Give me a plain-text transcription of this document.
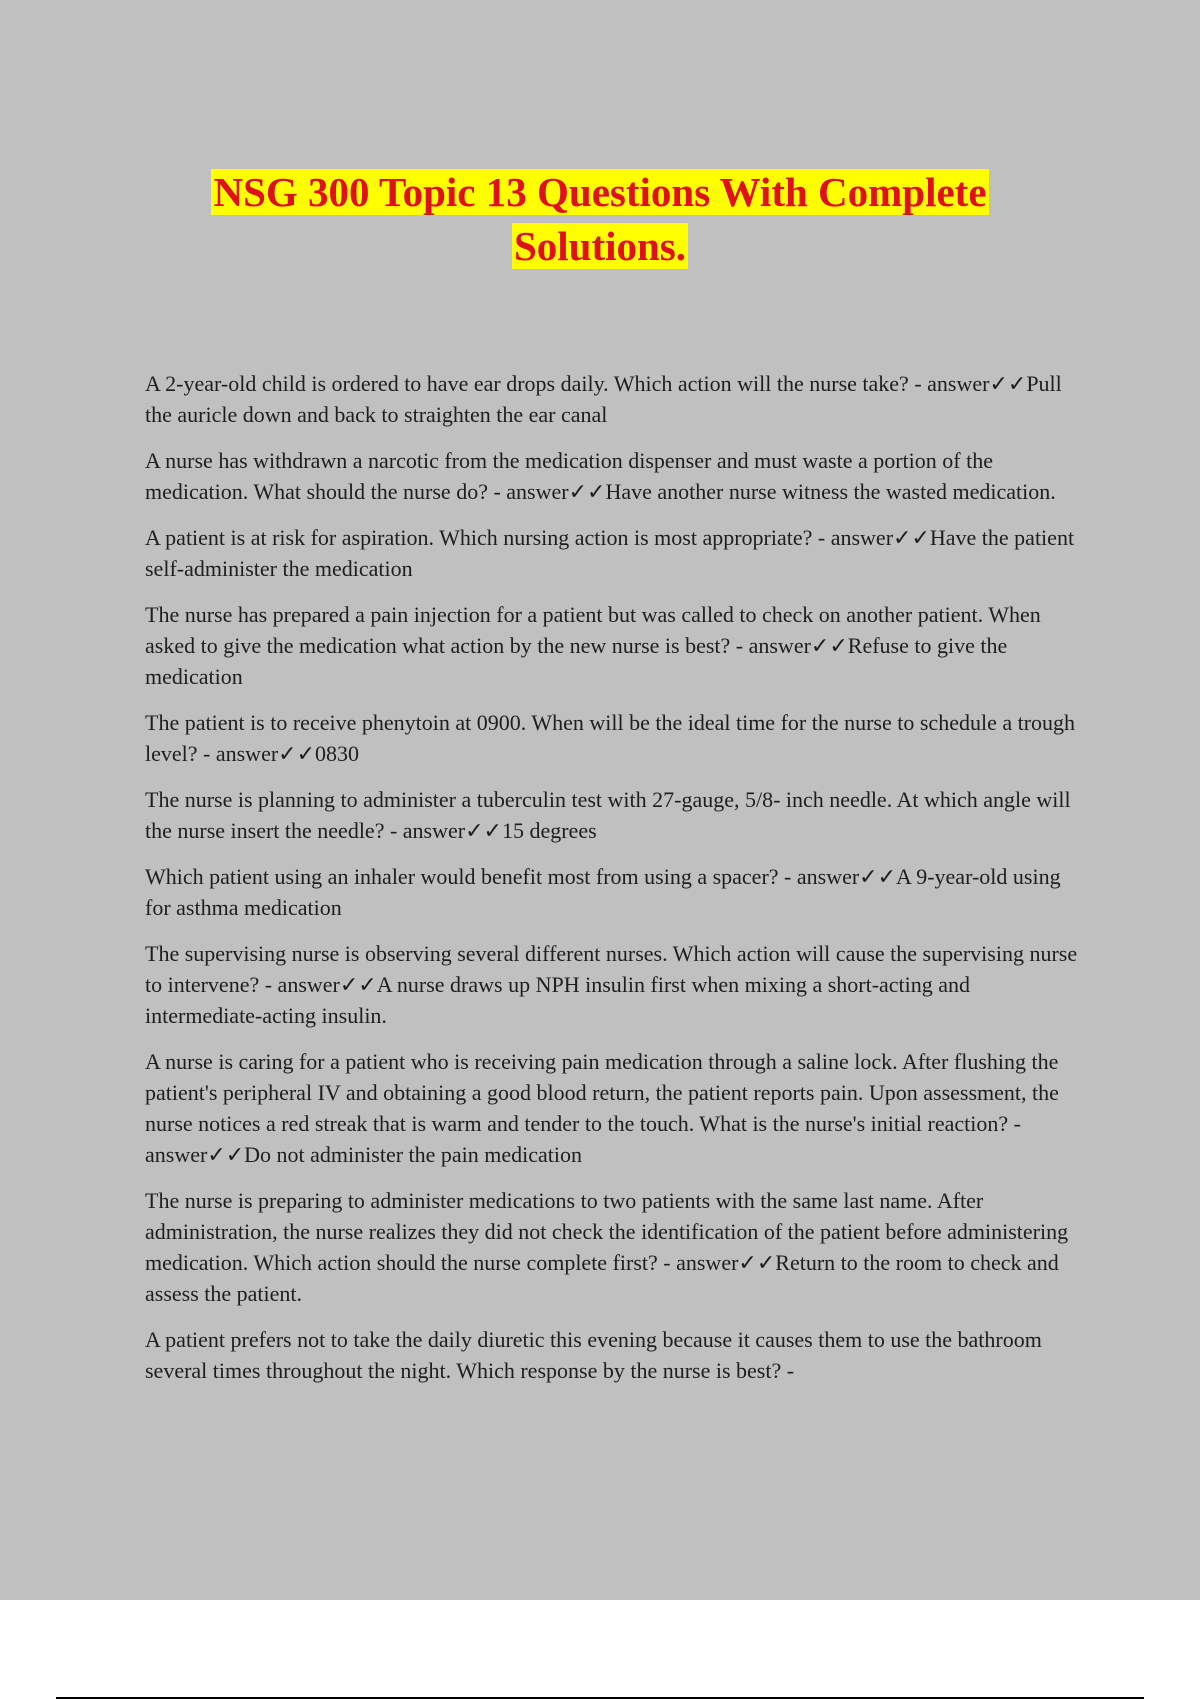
NSG 300 Topic 13 Questions With Complete
Solutions.

A 2-year-old child is ordered to have ear drops daily. Which action will the nurse take? - answer✓✓Pull the auricle down and back to straighten the ear canal

A nurse has withdrawn a narcotic from the medication dispenser and must waste a portion of the medication. What should the nurse do? - answer✓✓Have another nurse witness the wasted medication.

A patient is at risk for aspiration. Which nursing action is most appropriate? - answer✓✓Have the patient self-administer the medication

The nurse has prepared a pain injection for a patient but was called to check on another patient. When asked to give the medication what action by the new nurse is best? - answer✓✓Refuse to give the medication

The patient is to receive phenytoin at 0900. When will be the ideal time for the nurse to schedule a trough level? - answer✓✓0830

The nurse is planning to administer a tuberculin test with 27-gauge, 5/8- inch needle. At which angle will the nurse insert the needle? - answer✓✓15 degrees

Which patient using an inhaler would benefit most from using a spacer? - answer✓✓A 9-year-old using for asthma medication

The supervising nurse is observing several different nurses. Which action will cause the supervising nurse to intervene? - answer✓✓A nurse draws up NPH insulin first when mixing a short-acting and intermediate-acting insulin.

A nurse is caring for a patient who is receiving pain medication through a saline lock. After flushing the patient's peripheral IV and obtaining a good blood return, the patient reports pain. Upon assessment, the nurse notices a red streak that is warm and tender to the touch. What is the nurse's initial reaction? - answer✓✓Do not administer the pain medication

The nurse is preparing to administer medications to two patients with the same last name. After administration, the nurse realizes they did not check the identification of the patient before administering medication. Which action should the nurse complete first? - answer✓✓Return to the room to check and assess the patient.

A patient prefers not to take the daily diuretic this evening because it causes them to use the bathroom several times throughout the night. Which response by the nurse is best? -
